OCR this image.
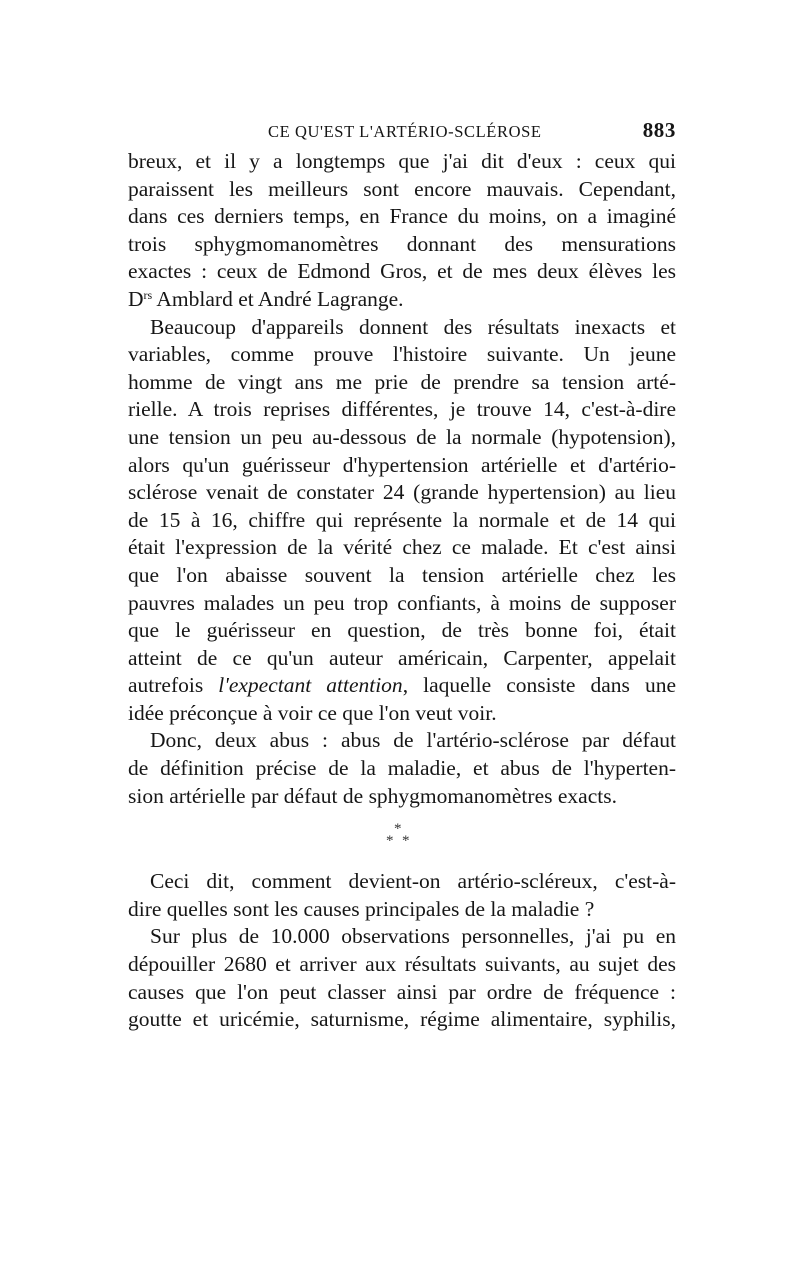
CE QU'EST L'ARTÉRIO-SCLÉROSE	883
breux, et il y a longtemps que j'ai dit d'eux : ceux qui
paraissent les meilleurs sont encore mauvais. Cependant,
dans ces derniers temps, en France du moins, on a imaginé
trois sphygmomanomètres donnant des mensurations
exactes : ceux de Edmond Gros, et de mes deux élèves les
$D^{rs}$ Amblard et André Lagrange.
Beaucoup d'appareils donnent des résultats inexacts et
variables, comme prouve l'histoire suivante. Un jeune
homme de vingt ans me prie de prendre sa tension arté-
rielle. A trois reprises différentes, je trouve 14, c'est-à-dire
une tension un peu au-dessous de la normale (hypotension),
alors qu'un guérisseur d'hypertension artérielle et d'artério-
sclérose venait de constater 24 (grande hypertension) au lieu
de 15 à 16, chiffre qui représente la normale et de 14 qui
était l'expression de la vérité chez ce malade. Et c'est ainsi
que l'on abaisse souvent la tension artérielle chez les
pauvres malades un peu trop confiants, à moins de supposer
que le guérisseur en question, de très bonne foi, était
atteint de ce qu'un auteur américain, Carpenter, appelait
autrefois l'expectant attention, laquelle consiste dans une
idée préconçue à voir ce que l'on veut voir.
Donc, deux abus : abus de l'artério-sclérose par défaut
de définition précise de la maladie, et abus de l'hyperten-
sion artérielle par défaut de sphygmomanomètres exacts.
*
* *
Ceci dit, comment devient-on artério-scléreux, c'est-à-
dire quelles sont les causes principales de la maladie ?
Sur plus de 10.000 observations personnelles, j'ai pu en
dépouiller 2680 et arriver aux résultats suivants, au sujet des
causes que l'on peut classer ainsi par ordre de fréquence :
goutte et uricémie, saturnisme, régime alimentaire, syphilis,
